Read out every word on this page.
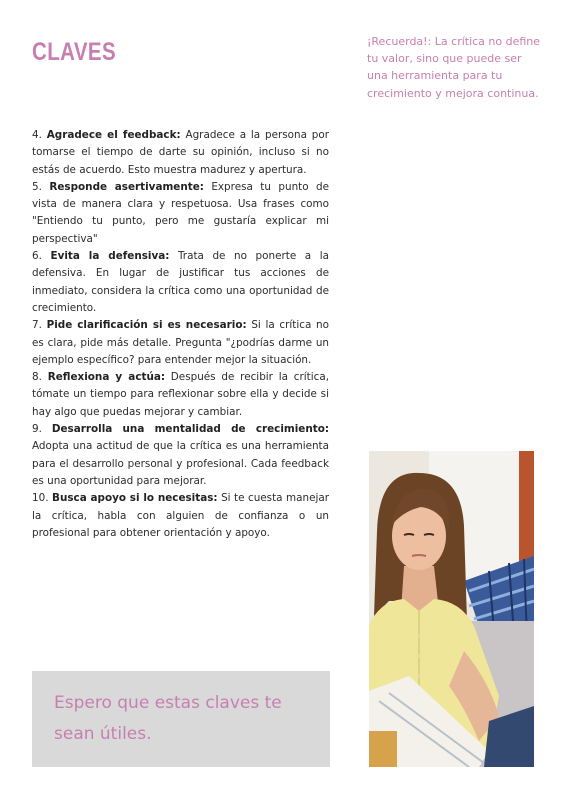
CLAVES	¡Recuerda!: La crítica no define tu valor, sino que puede ser una herramienta para tu crecimiento y mejora continua.

4. Agradece el feedback: Agradece a la persona por tomarse el tiempo de darte su opinión, incluso si no estás de acuerdo. Esto muestra madurez y apertura.

5. Responde asertivamente: Expresa tu punto de vista de manera clara y respetuosa. Usa frases como "Entiendo tu punto, pero me gustaría explicar mi perspectiva"

6. Evita la defensiva: Trata de no ponerte a la defensiva. En lugar de justificar tus acciones de inmediato, considera la crítica como una oportunidad de crecimiento.

7. Pide clarificación si es necesario: Si la crítica no es clara, pide más detalle. Pregunta "¿podrías darme un ejemplo específico? para entender mejor la situación.

8. Reflexiona y actúa: Después de recibir la crítica, tómate un tiempo para reflexionar sobre ella y decide si hay algo que puedas mejorar y cambiar.

9. Desarrolla una mentalidad de crecimiento: Adopta una actitud de que la crítica es una herramienta para el desarrollo personal y profesional. Cada feedback es una oportunidad para mejorar.

10. Busca apoyo si lo necesitas: Si te cuesta manejar la crítica, habla con alguien de confianza o un profesional para obtener orientación y apoyo.

Espero que estas claves te sean útiles.
